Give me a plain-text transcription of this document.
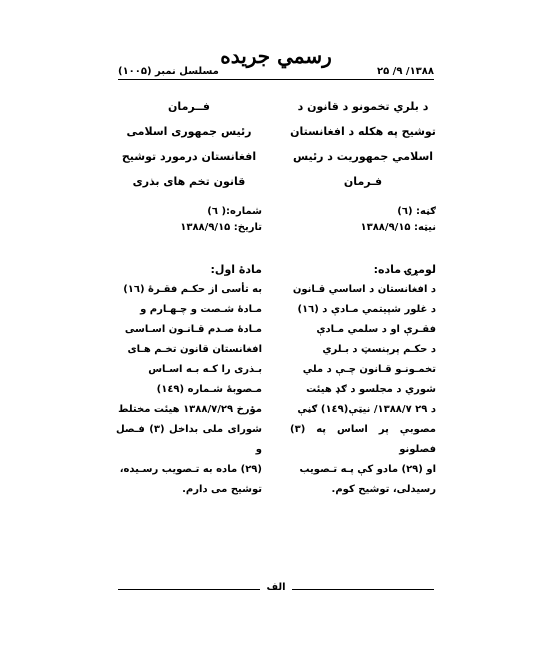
رسمي جريده
مسلسل نمبر (١٠٠۵)	١٣٨٨/ ٩/ ٢۵

د بلري تخمونو د قانون د

توشيح په هکله د افغانستان

اسلامي جمهوريت د رئيس

فـرمان

ګڼه: (٦)

نيټه: ١٣٨٨/٩/١۵

لومړۍ ماده:

د افغانستان د اساسي قـانون

د غلور شپيتمي مـادې د (١٦)

فقـرې او د سلمي مـادې

د حکـم پرېنسټ د بـلري

تخمـونـو قـانون چـې د ملي

شوري د مجلسو د ګډ هيئت

د ٢٩ ١٣٨٨/٧/ نيټې(١٤٩) ګڼې

مصوبې پر اساس په (٣) فصلونو

او (٢٩) مادو کې پـه تـصويب

رسيدلی، توشيح کوم.

فــرمان

رئيس جمهوری اسلامی

افغانستان درمورد توشيح

قانون تخم های بذری

شماره:( ٦)

تاريخ: ١٣٨٨/٩/١۵

مادهٔ اول:

به تأسی از حکـم فقـرهٔ (١٦)

مـادهٔ شـصت و چـهـارم و

مـادهٔ صـدم قـانـون اسـاسی

افغانستان قانون تخـم هـای

بـذری را کـه بـه اسـاس

مـصوبهٔ شـماره (١٤٩)

مؤرخ ١٣٨٨/٧/٢٩ هيئت مختلط

شورای ملی بداخل (٣) فـصل و

(٢٩) ماده به تـصويب رسـيده،

توشيح می دارم.

الف
